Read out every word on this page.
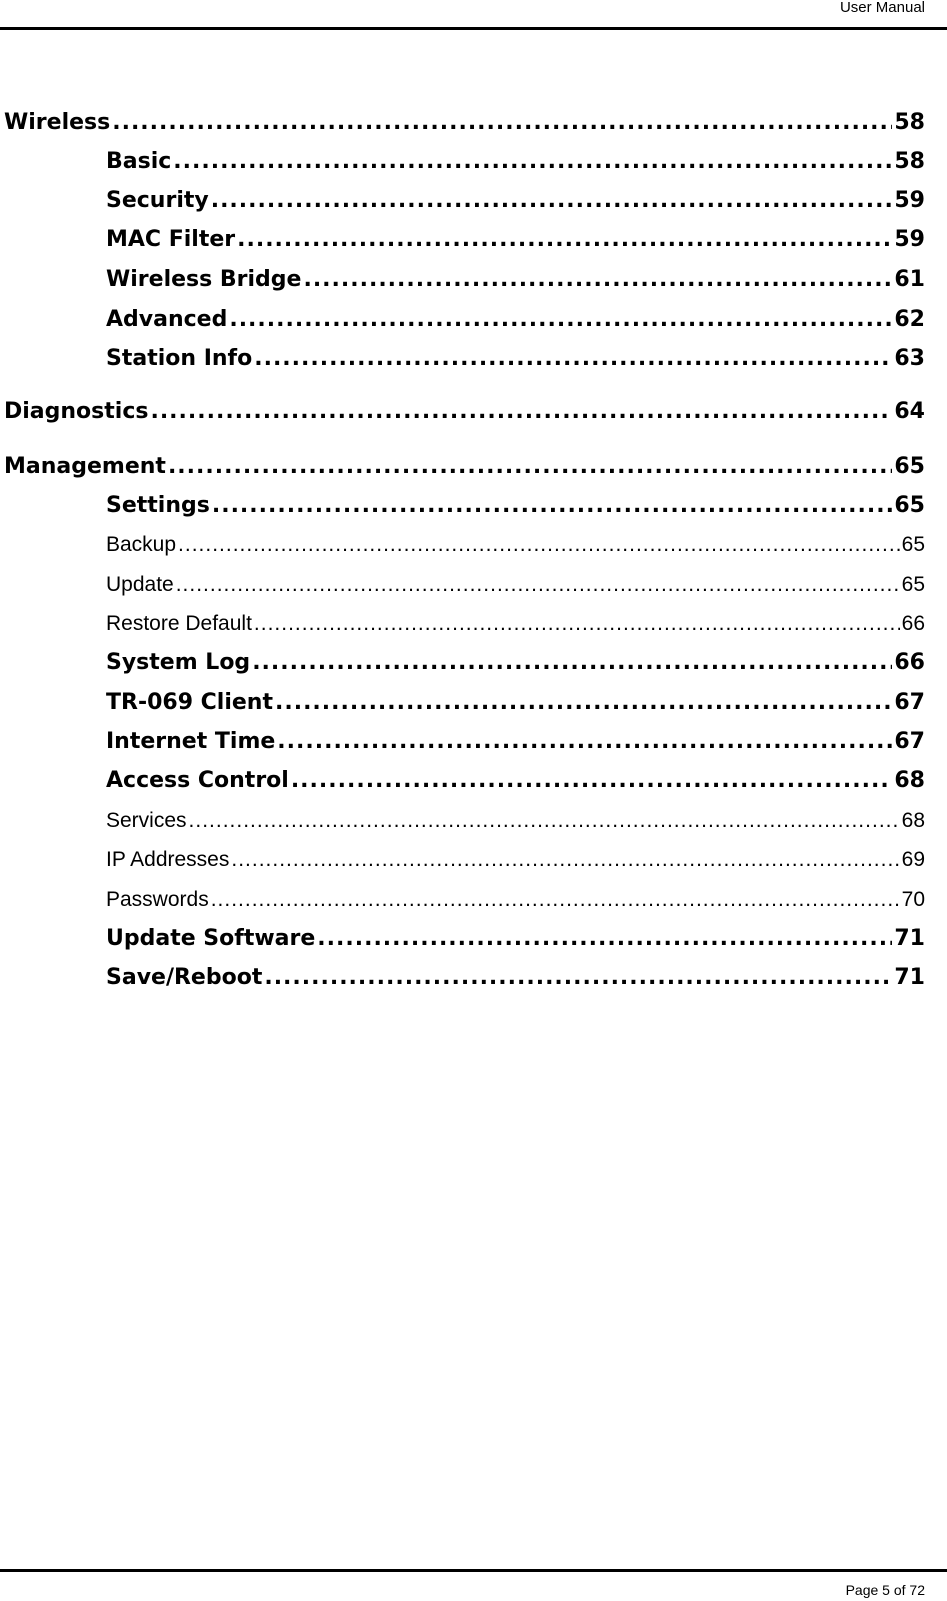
User Manual
Wireless .....	58
Basic .....	58
Security .....	59
MAC Filter .....	59
Wireless Bridge .....	61
Advanced .....	62
Station Info .....	63
Diagnostics .....	64
Management .....	65
Settings .....	65
Backup .....	65
Update .....	65
Restore Default .....	66
System Log .....	66
TR-069 Client .....	67
Internet Time .....	67
Access Control .....	68
Services .....	68
IP Addresses .....	69
Passwords .....	70
Update Software .....	71
Save/Reboot .....	71
Page 5 of 72
